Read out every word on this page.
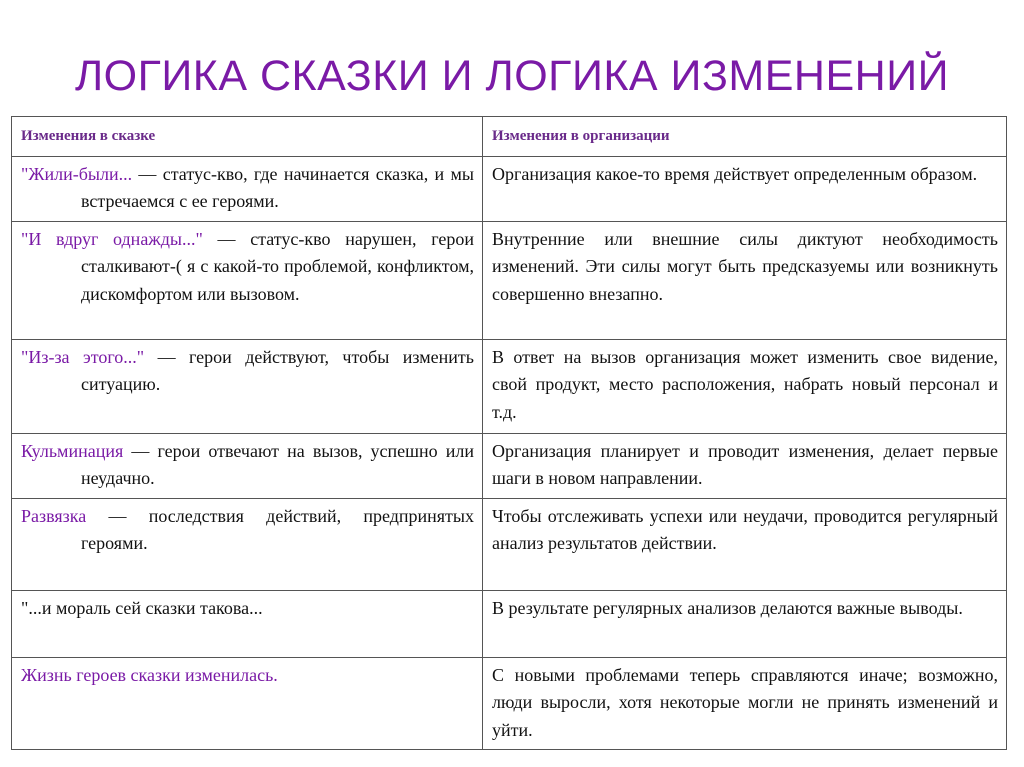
ЛОГИКА СКАЗКИ И ЛОГИКА ИЗМЕНЕНИЙ
Изменения в сказке	Изменения в организации

"Жили-были... — статус-кво, где начинается сказка, и мы встречаемся с ее героями.	Организация какое-то время действует определенным образом.

"И вдруг однажды..." — статус-кво нарушен, герои сталкивают-( я с какой-то проблемой, конфликтом, дискомфортом или вызовом.	Внутренние или внешние силы диктуют необходимость изменений. Эти силы могут быть предсказуемы или возникнуть совершенно внезапно.

"Из-за этого..." — герои действуют, чтобы изменить ситуацию.	В ответ на вызов организация может изменить свое видение, свой продукт, место расположения, набрать новый персонал и т.д.

Кульминация — герои отвечают на вызов, успешно или неудачно.	Организация планирует и проводит изменения, делает первые шаги в новом направлении.

Развязка — последствия действий, предпринятых героями.	Чтобы отслеживать успехи или неудачи, проводится регулярный анализ результатов действии.
"...и мораль сей сказки такова...	В результате регулярных анализов делаются важные выводы.
Жизнь героев сказки изменилась.	С новыми проблемами теперь справляются иначе; возможно, люди выросли, хотя некоторые могли не принять изменений и уйти.
